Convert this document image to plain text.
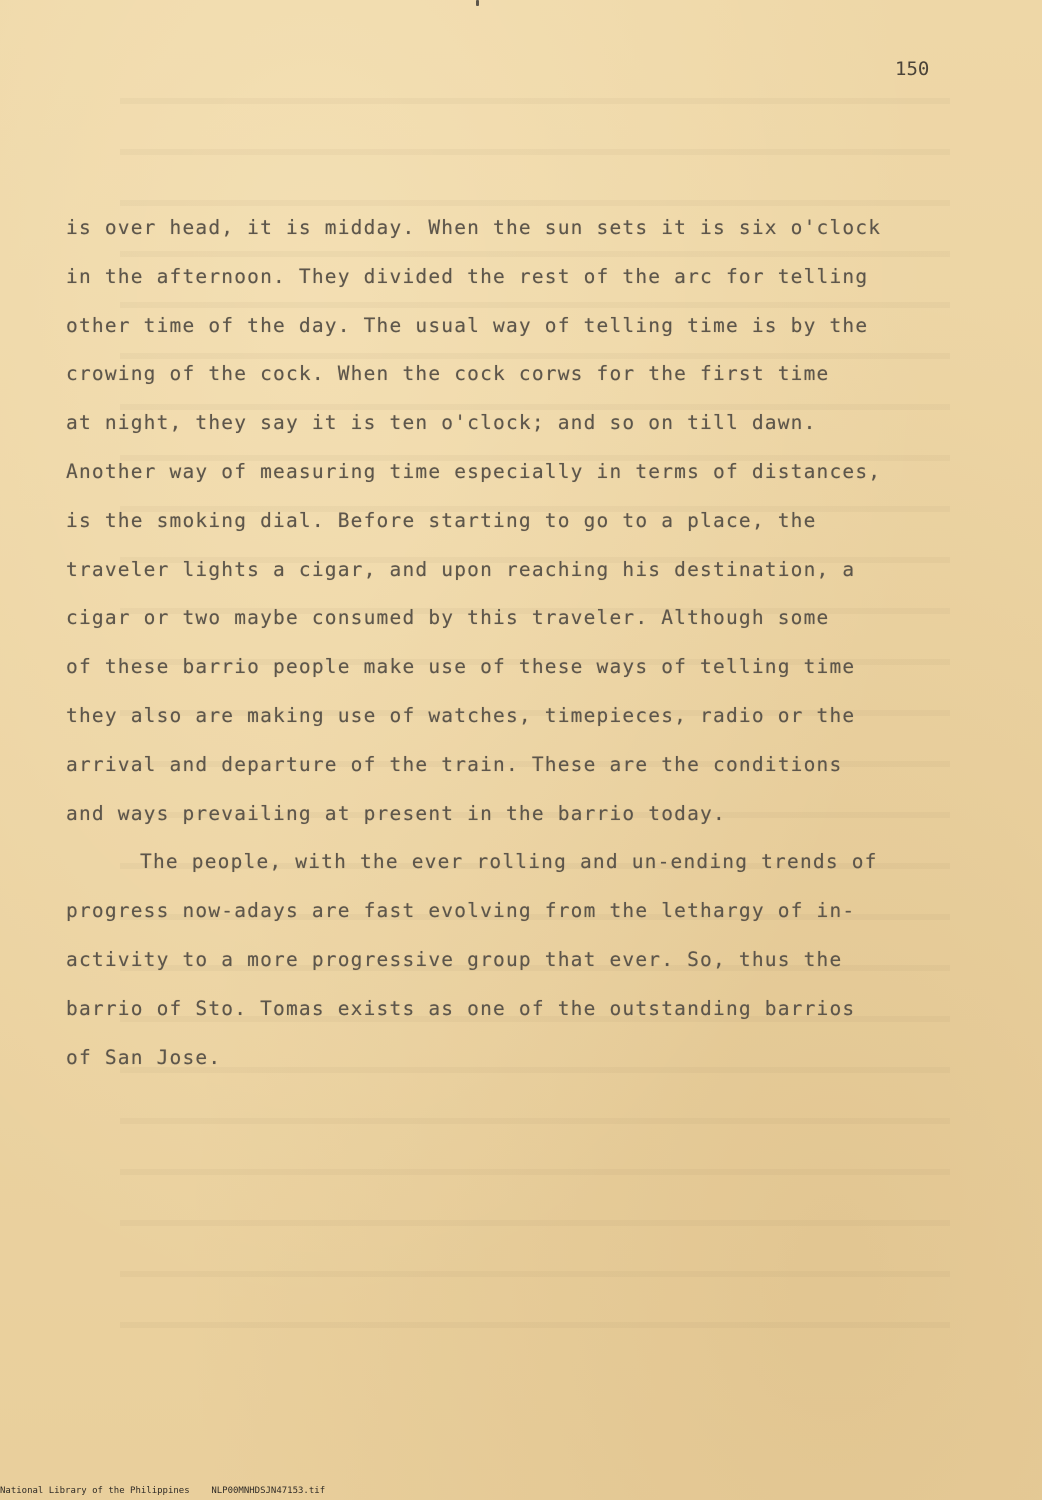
150
is over head, it is midday. When the sun sets it is six o'clock
in the afternoon. They divided the rest of the arc for telling
other time of the day. The usual way of telling time is by the
crowing of the cock. When the cock corws for the first time
at night, they say it is ten o'clock; and so on till dawn.
Another way of measuring time especially in terms of distances,
is the smoking dial. Before starting to go to a place, the
traveler lights a cigar, and upon reaching his destination, a
cigar or two maybe consumed by this traveler. Although some
of these barrio people make use of these ways of telling time
they also are making use of watches, timepieces, radio or the
arrival and departure of the train. These are the conditions
and ways prevailing at present in the barrio today.
The people, with the ever rolling and un-ending trends of
progress now-adays are fast evolving from the lethargy of in-
activity to a more progressive group that ever. So, thus the
barrio of Sto. Tomas exists as one of the outstanding barrios
of San Jose.
National Library of the Philippines    NLP00MNHDSJN47153.tif
